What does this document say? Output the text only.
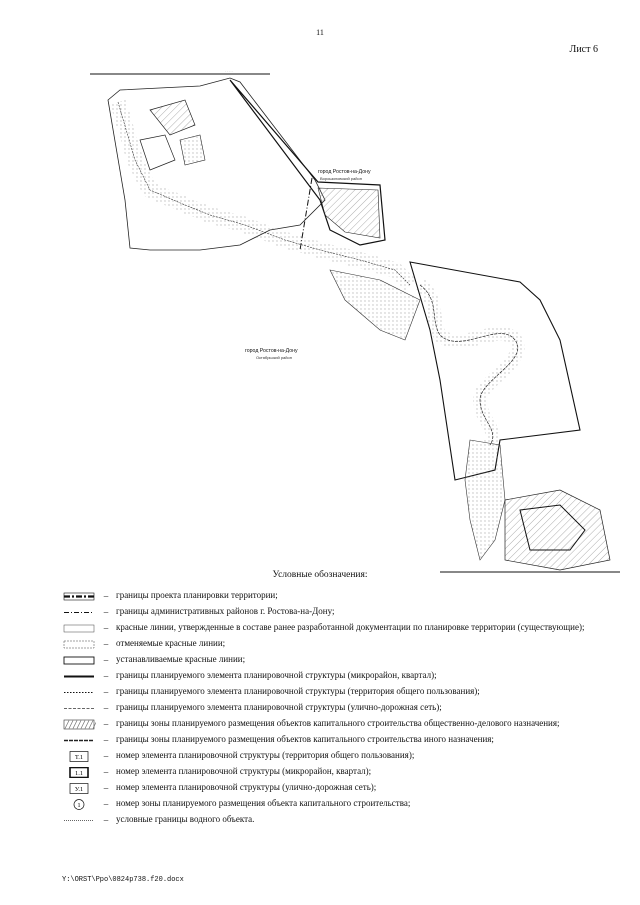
11
Лист 6
· · · · ·
город Ростов-на-Дону
Ворошиловский район
город Ростов-на-Дону
Октябрьский район
Условные обозначения:
– границы проекта планировки территории;
– границы административных районов г. Ростова-на-Дону;
– красные линии, утвержденные в составе ранее разработанной документации по планировке территории (существующие);
– отменяемые красные линии;
– устанавливаемые красные линии;
– границы планируемого элемента планировочной структуры (микрорайон, квартал);
– границы планируемого элемента планировочной структуры (территория общего пользования);
– границы планируемого элемента планировочной структуры (улично-дорожная сеть);
– границы зоны планируемого размещения объектов капитального строительства общественно-делового назначения;
– границы зоны планируемого размещения объектов капитального строительства иного назначения;
Т.1	– номер элемента планировочной структуры (территория общего пользования);
1.1	– номер элемента планировочной структуры (микрорайон, квартал);
У.1	– номер элемента планировочной структуры (улично-дорожная сеть);
1	– номер зоны планируемого размещения объекта капитального строительства;
– условные границы водного объекта.
Y:\ORST\Ppo\0824p738.f20.docx
